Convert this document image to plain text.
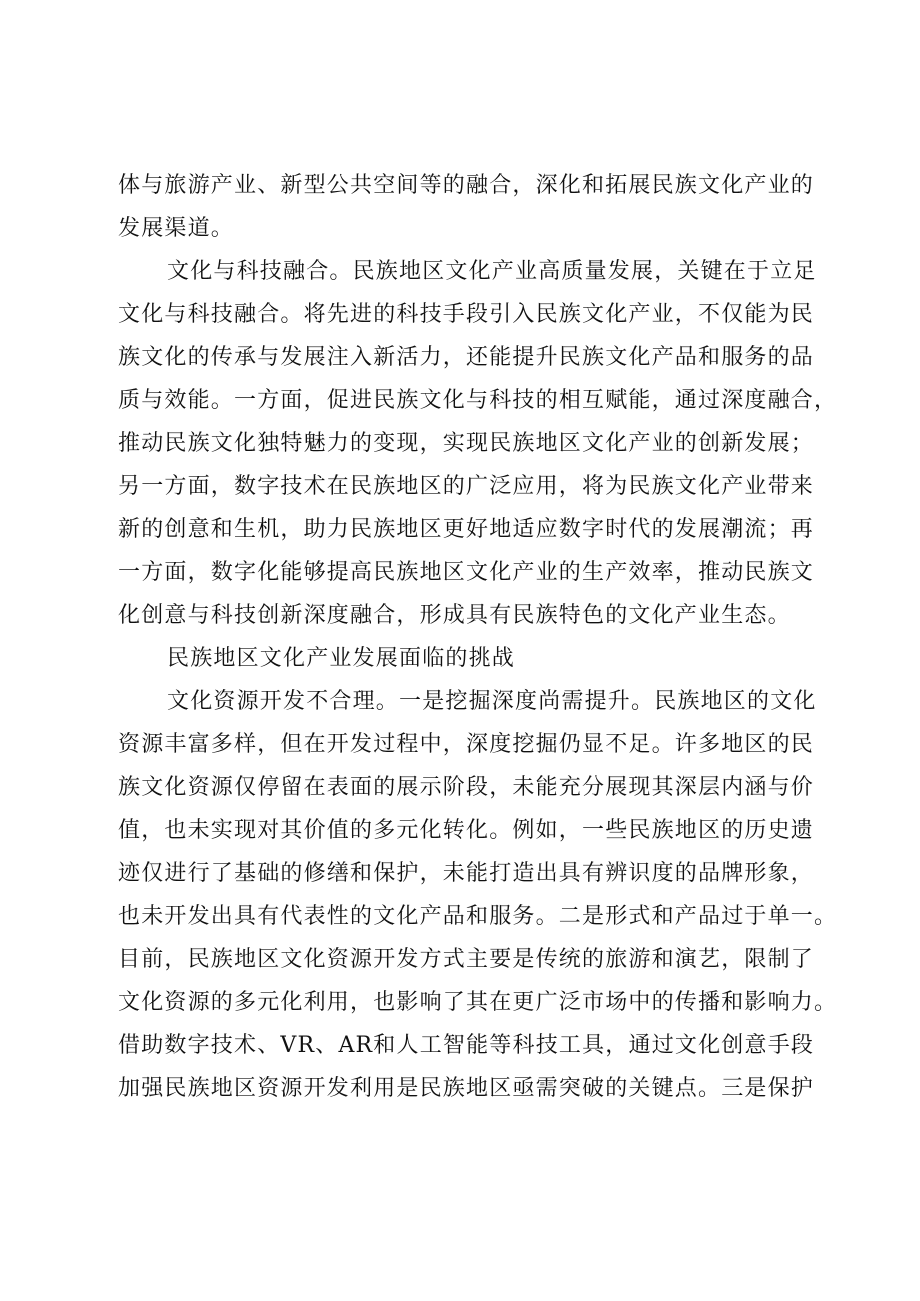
体与旅游产业、新型公共空间等的融合，深化和拓展民族文化产业的
发展渠道。
文化与科技融合。民族地区文化产业高质量发展，关键在于立足
文化与科技融合。将先进的科技手段引入民族文化产业，不仅能为民
族文化的传承与发展注入新活力，还能提升民族文化产品和服务的品
质与效能。一方面，促进民族文化与科技的相互赋能，通过深度融合，
推动民族文化独特魅力的变现，实现民族地区文化产业的创新发展；
另一方面，数字技术在民族地区的广泛应用，将为民族文化产业带来
新的创意和生机，助力民族地区更好地适应数字时代的发展潮流；再
一方面，数字化能够提高民族地区文化产业的生产效率，推动民族文
化创意与科技创新深度融合，形成具有民族特色的文化产业生态。
民族地区文化产业发展面临的挑战
文化资源开发不合理。一是挖掘深度尚需提升。民族地区的文化
资源丰富多样，但在开发过程中，深度挖掘仍显不足。许多地区的民
族文化资源仅停留在表面的展示阶段，未能充分展现其深层内涵与价
值，也未实现对其价值的多元化转化。例如，一些民族地区的历史遗
迹仅进行了基础的修缮和保护，未能打造出具有辨识度的品牌形象，
也未开发出具有代表性的文化产品和服务。二是形式和产品过于单一。
目前，民族地区文化资源开发方式主要是传统的旅游和演艺，限制了
文化资源的多元化利用，也影响了其在更广泛市场中的传播和影响力。
借助数字技术、VR、AR和人工智能等科技工具，通过文化创意手段
加强民族地区资源开发利用是民族地区亟需突破的关键点。三是保护
